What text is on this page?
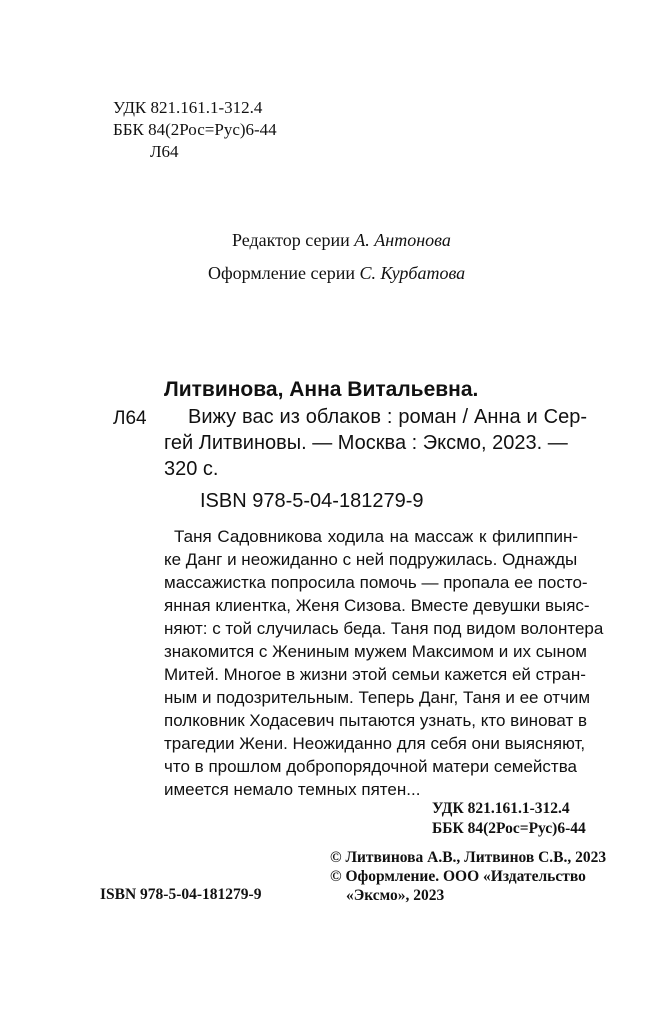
УДК 821.161.1-312.4
ББК 84(2Рос=Рус)6-44
Л64
Редактор серии А. Антонова
Оформление серии С. Курбатова
Литвинова, Анна Витальевна.
Л64 Вижу вас из облаков : роман / Анна и Сер-
гей Литвиновы. — Москва : Эксмо, 2023. —
320 с.
ISBN 978-5-04-181279-9
Таня Садовникова ходила на массаж к филиппин-
ке Данг и неожиданно с ней подружилась. Однажды
массажистка попросила помочь — пропала ее посто-
янная клиентка, Женя Сизова. Вместе девушки выяс-
няют: с той случилась беда. Таня под видом волонтера
знакомится с Жениным мужем Максимом и их сыном
Митей. Многое в жизни этой семьи кажется ей стран-
ным и подозрительным. Теперь Данг, Таня и ее отчим
полковник Ходасевич пытаются узнать, кто виноват в
трагедии Жени. Неожиданно для себя они выясняют,
что в прошлом добропорядочной матери семейства
имеется немало темных пятен...
УДК 821.161.1-312.4
ББК 84(2Рос=Рус)6-44
ISBN 978-5-04-181279-9
© Литвинова А.В., Литвинов С.В., 2023
© Оформление. ООО «Издательство
«Эксмо», 2023
